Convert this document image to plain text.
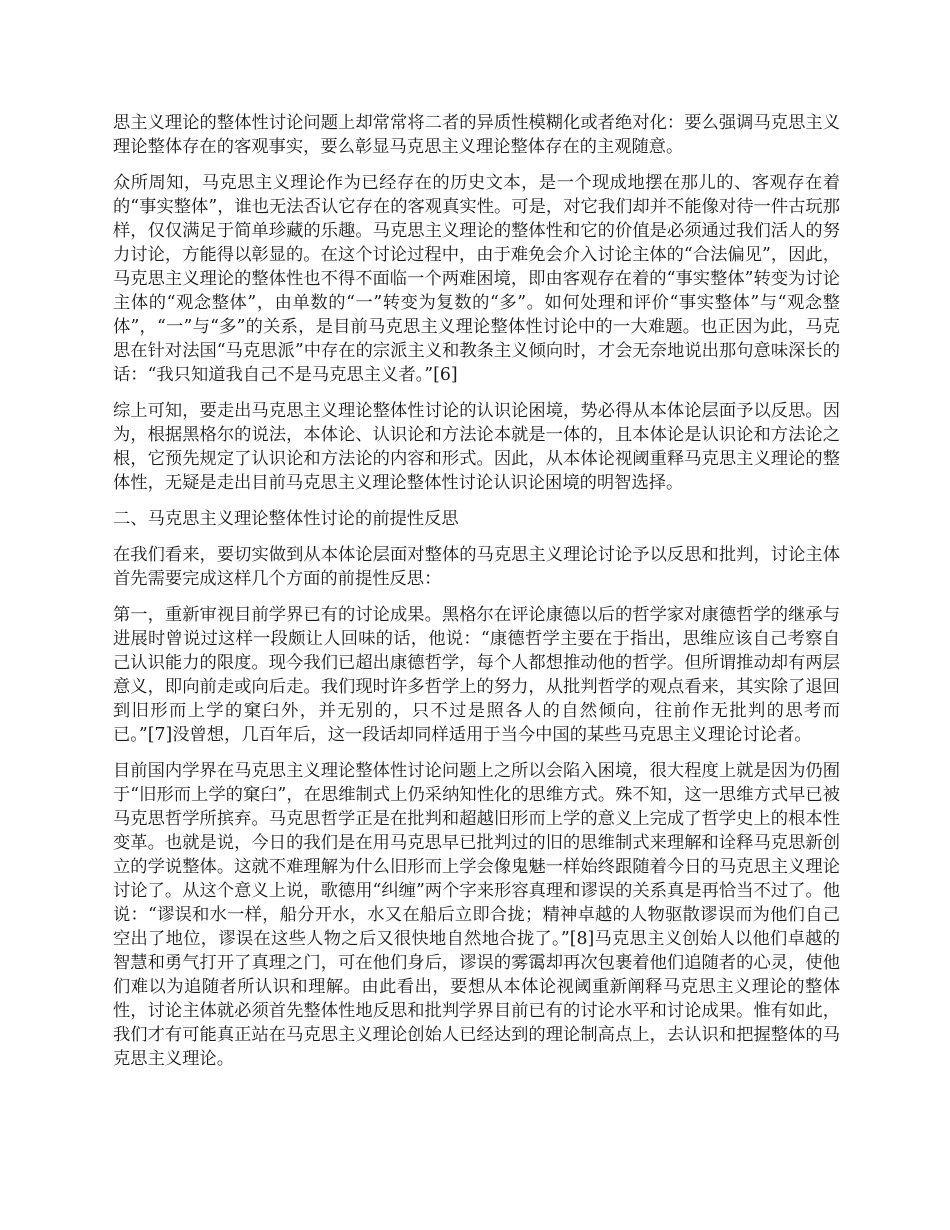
思主义理论的整体性讨论问题上却常常将二者的异质性模糊化或者绝对化：要么强调马克思主义理论整体存在的客观事实，要么彰显马克思主义理论整体存在的主观随意。

众所周知，马克思主义理论作为已经存在的历史文本，是一个现成地摆在那儿的、客观存在着的“事实整体”，谁也无法否认它存在的客观真实性。可是，对它我们却并不能像对待一件古玩那样，仅仅满足于简单珍藏的乐趣。马克思主义理论的整体性和它的价值是必须通过我们活人的努力讨论，方能得以彰显的。在这个讨论过程中，由于难免会介入讨论主体的“合法偏见”，因此，马克思主义理论的整体性也不得不面临一个两难困境，即由客观存在着的“事实整体”转变为讨论主体的“观念整体”，由单数的“一”转变为复数的“多”。如何处理和评价“事实整体”与“观念整体”，“一”与“多”的关系，是目前马克思主义理论整体性讨论中的一大难题。也正因为此，马克思在针对法国“马克思派”中存在的宗派主义和教条主义倾向时，才会无奈地说出那句意味深长的话：“我只知道我自己不是马克思主义者。”[6]

综上可知，要走出马克思主义理论整体性讨论的认识论困境，势必得从本体论层面予以反思。因为，根据黑格尔的说法，本体论、认识论和方法论本就是一体的，且本体论是认识论和方法论之根，它预先规定了认识论和方法论的内容和形式。因此，从本体论视阈重释马克思主义理论的整体性，无疑是走出目前马克思主义理论整体性讨论认识论困境的明智选择。

二、马克思主义理论整体性讨论的前提性反思

在我们看来，要切实做到从本体论层面对整体的马克思主义理论讨论予以反思和批判，讨论主体首先需要完成这样几个方面的前提性反思：

第一，重新审视目前学界已有的讨论成果。黑格尔在评论康德以后的哲学家对康德哲学的继承与进展时曾说过这样一段颇让人回味的话，他说：“康德哲学主要在于指出，思维应该自己考察自己认识能力的限度。现今我们已超出康德哲学，每个人都想推动他的哲学。但所谓推动却有两层意义，即向前走或向后走。我们现时许多哲学上的努力，从批判哲学的观点看来，其实除了退回到旧形而上学的窠臼外，并无别的，只不过是照各人的自然倾向，往前作无批判的思考而已。”[7]没曾想，几百年后，这一段话却同样适用于当今中国的某些马克思主义理论讨论者。

目前国内学界在马克思主义理论整体性讨论问题上之所以会陷入困境，很大程度上就是因为仍囿于“旧形而上学的窠臼”，在思维制式上仍采纳知性化的思维方式。殊不知，这一思维方式早已被马克思哲学所摈弃。马克思哲学正是在批判和超越旧形而上学的意义上完成了哲学史上的根本性变革。也就是说，今日的我们是在用马克思早已批判过的旧的思维制式来理解和诠释马克思新创立的学说整体。这就不难理解为什么旧形而上学会像鬼魅一样始终跟随着今日的马克思主义理论讨论了。从这个意义上说，歌德用“纠缠”两个字来形容真理和谬误的关系真是再恰当不过了。他说：“谬误和水一样，船分开水，水又在船后立即合拢；精神卓越的人物驱散谬误而为他们自己空出了地位，谬误在这些人物之后又很快地自然地合拢了。”[8]马克思主义创始人以他们卓越的智慧和勇气打开了真理之门，可在他们身后，谬误的雾霭却再次包裹着他们追随者的心灵，使他们难以为追随者所认识和理解。由此看出，要想从本体论视阈重新阐释马克思主义理论的整体性，讨论主体就必须首先整体性地反思和批判学界目前已有的讨论水平和讨论成果。惟有如此，我们才有可能真正站在马克思主义理论创始人已经达到的理论制高点上，去认识和把握整体的马克思主义理论。
